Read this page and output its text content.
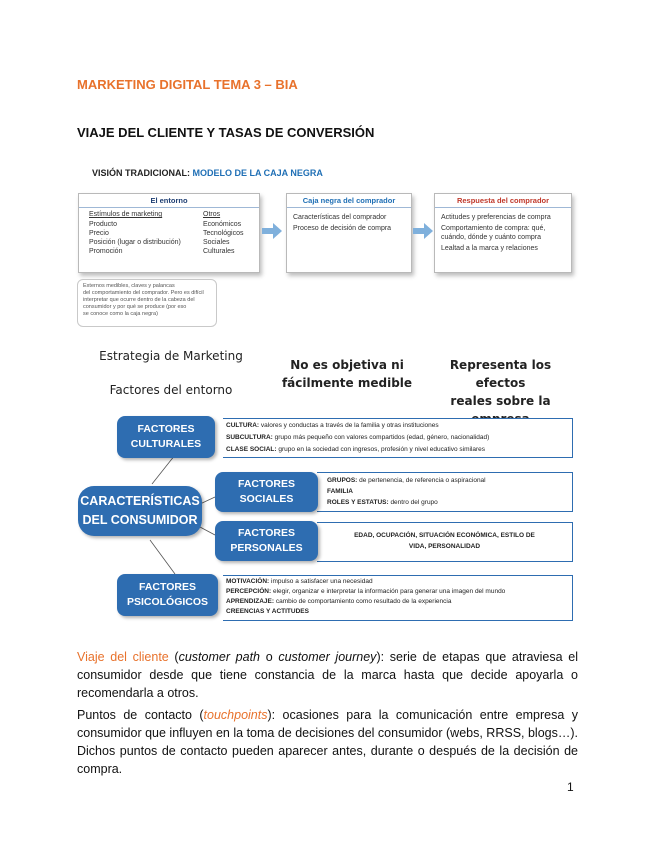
MARKETING DIGITAL TEMA 3 – BIA
VIAJE DEL CLIENTE Y TASAS DE CONVERSIÓN
VISIÓN TRADICIONAL: MODELO DE LA CAJA NEGRA
El entorno
Estímulos de marketing
Producto
Precio
Posición (lugar o distribución)
Promoción
Otros
Económicos
Tecnológicos
Sociales
Culturales
Caja negra del comprador
Características del comprador
Proceso de decisión de compra
Respuesta del comprador
Actitudes y preferencias de compra
Comportamiento de compra: qué,
cuándo, dónde y cuánto compra
Lealtad a la marca y relaciones
Externos medibles, claves y palancas
del comportamiento del comprador. Pero es difícil
interpretar que ocurre dentro de la cabeza del
consumidor y por qué se produce (por eso
se conoce como la caja negra)
Estrategia de Marketing
Factores del entorno
No es objetiva ni
fácilmente medible
Representa los efectos
reales sobre la
CULTURA: valores y conductas a través de la familia y otras instituciones
SUBCULTURA: grupo más pequeño con valores compartidos (edad, género, nacionalidad)
CLASE SOCIAL: grupo en la sociedad con ingresos, profesión y nivel educativo similares
GRUPOS: de pertenencia, de referencia o aspiracional
FAMILIA
ROLES Y ESTATUS: dentro del grupo
EDAD, OCUPACIÓN, SITUACIÓN ECONÓMICA, ESTILO DE
VIDA, PERSONALIDAD
MOTIVACIÓN: impulso a satisfacer una necesidad
PERCEPCIÓN: elegir, organizar e interpretar la información para generar una imagen del mundo
APRENDIZAJE: cambio de comportamiento como resultado de la experiencia
CREENCIAS Y ACTITUDES
FACTORES
CULTURALES
CARACTERÍSTICAS
DEL CONSUMIDOR
FACTORES
SOCIALES
FACTORES
PERSONALES
FACTORES
PSICOLÓGICOS
Viaje del cliente (customer path o customer journey): serie de etapas que atraviesa el consumidor desde que tiene constancia de la marca hasta que decide apoyarla o recomendarla a otros.
Puntos de contacto (touchpoints): ocasiones para la comunicación entre empresa y consumidor que influyen en la toma de decisiones del consumidor (webs, RRSS, blogs…). Dichos puntos de contacto pueden aparecer antes, durante o después de la decisión de compra.
1
